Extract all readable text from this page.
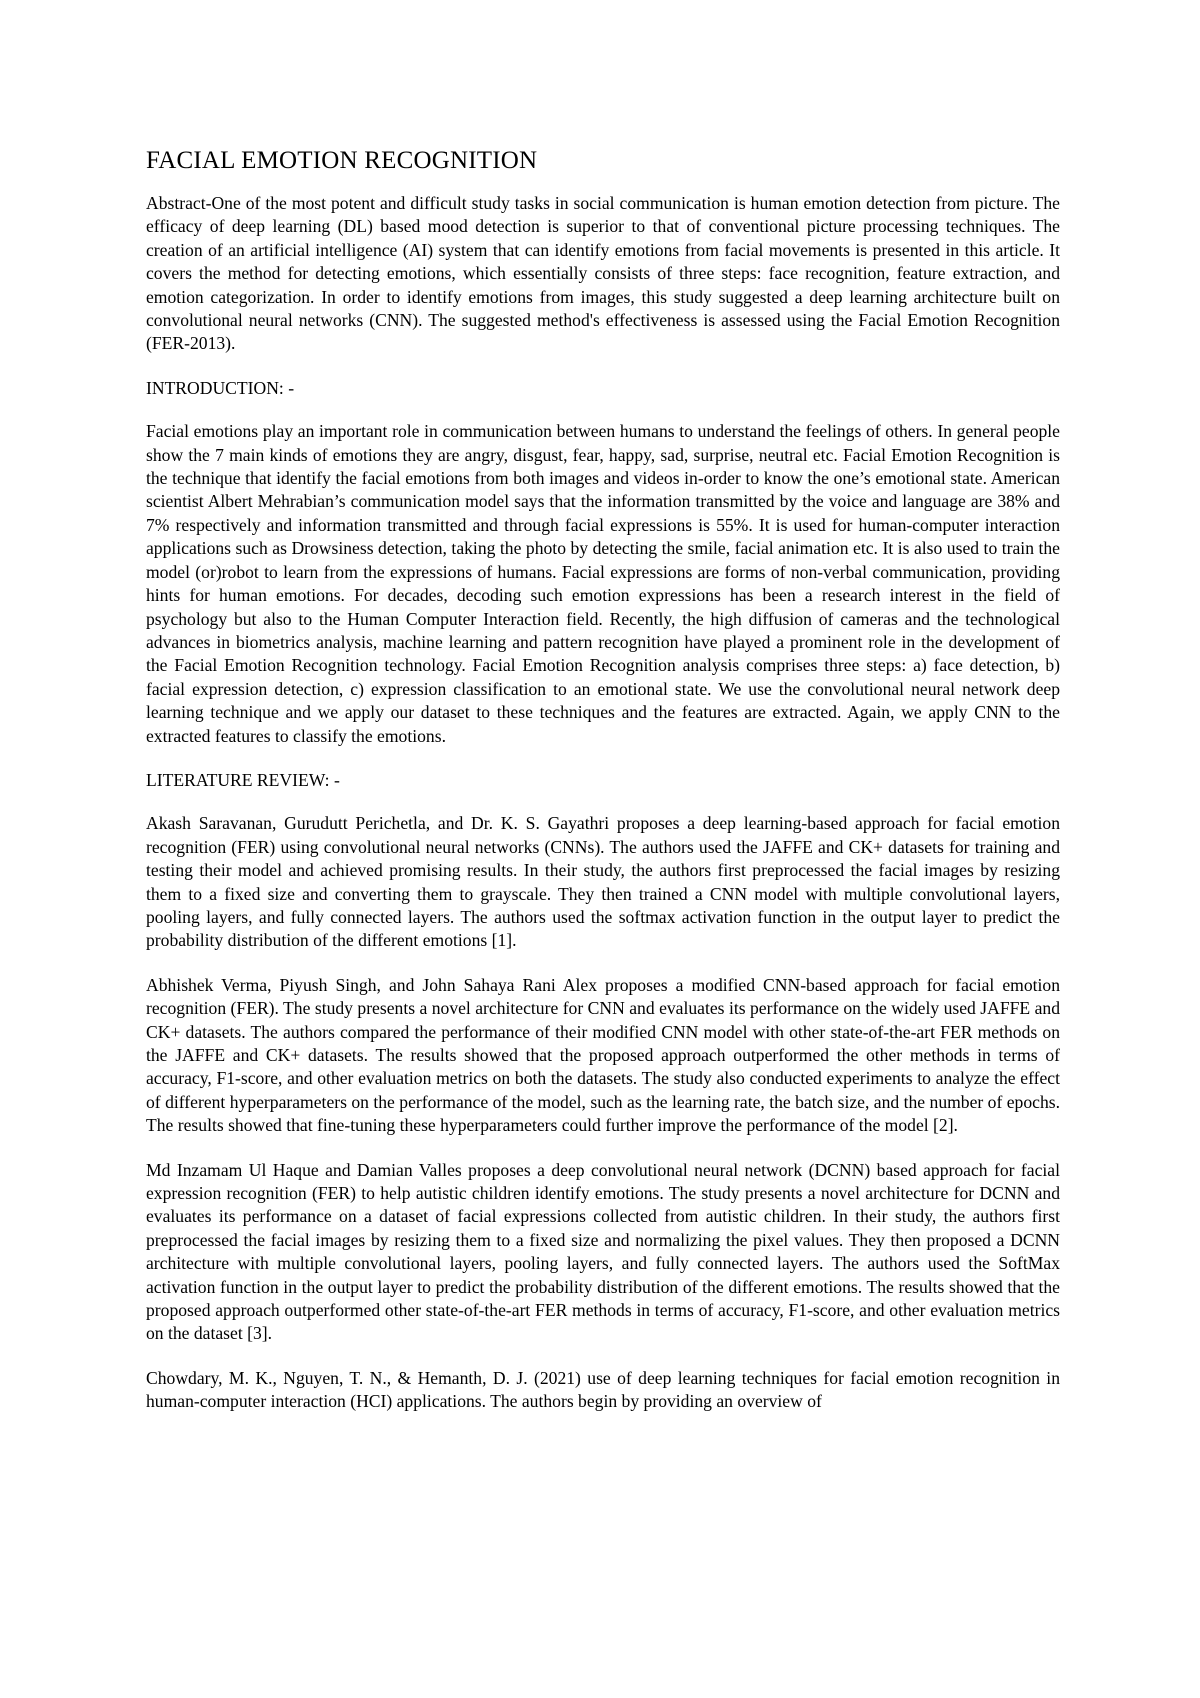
FACIAL EMOTION RECOGNITION

Abstract-One of the most potent and difficult study tasks in social communication is human emotion detection from picture. The efficacy of deep learning (DL) based mood detection is superior to that of conventional picture processing techniques. The creation of an artificial intelligence (AI) system that can identify emotions from facial movements is presented in this article. It covers the method for detecting emotions, which essentially consists of three steps: face recognition, feature extraction, and emotion categorization. In order to identify emotions from images, this study suggested a deep learning architecture built on convolutional neural networks (CNN). The suggested method's effectiveness is assessed using the Facial Emotion Recognition (FER-2013).

INTRODUCTION: -

Facial emotions play an important role in communication between humans to understand the feelings of others. In general people show the 7 main kinds of emotions they are angry, disgust, fear, happy, sad, surprise, neutral etc. Facial Emotion Recognition is the technique that identify the facial emotions from both images and videos in-order to know the one’s emotional state. American scientist Albert Mehrabian’s communication model says that the information transmitted by the voice and language are 38% and 7% respectively and information transmitted and through facial expressions is 55%. It is used for human-computer interaction applications such as Drowsiness detection, taking the photo by detecting the smile, facial animation etc. It is also used to train the model (or)robot to learn from the expressions of humans. Facial expressions are forms of non-verbal communication, providing hints for human emotions. For decades, decoding such emotion expressions has been a research interest in the field of psychology but also to the Human Computer Interaction field. Recently, the high diffusion of cameras and the technological advances in biometrics analysis, machine learning and pattern recognition have played a prominent role in the development of the Facial Emotion Recognition technology. Facial Emotion Recognition analysis comprises three steps: a) face detection, b) facial expression detection, c) expression classification to an emotional state. We use the convolutional neural network deep learning technique and we apply our dataset to these techniques and the features are extracted. Again, we apply CNN to the extracted features to classify the emotions.

LITERATURE REVIEW: -

Akash Saravanan, Gurudutt Perichetla, and Dr. K. S. Gayathri proposes a deep learning-based approach for facial emotion recognition (FER) using convolutional neural networks (CNNs). The authors used the JAFFE and CK+ datasets for training and testing their model and achieved promising results. In their study, the authors first preprocessed the facial images by resizing them to a fixed size and converting them to grayscale. They then trained a CNN model with multiple convolutional layers, pooling layers, and fully connected layers. The authors used the softmax activation function in the output layer to predict the probability distribution of the different emotions [1].

Abhishek Verma, Piyush Singh, and John Sahaya Rani Alex proposes a modified CNN-based approach for facial emotion recognition (FER). The study presents a novel architecture for CNN and evaluates its performance on the widely used JAFFE and CK+ datasets. The authors compared the performance of their modified CNN model with other state-of-the-art FER methods on the JAFFE and CK+ datasets. The results showed that the proposed approach outperformed the other methods in terms of accuracy, F1-score, and other evaluation metrics on both the datasets. The study also conducted experiments to analyze the effect of different hyperparameters on the performance of the model, such as the learning rate, the batch size, and the number of epochs. The results showed that fine-tuning these hyperparameters could further improve the performance of the model [2].

Md Inzamam Ul Haque and Damian Valles proposes a deep convolutional neural network (DCNN) based approach for facial expression recognition (FER) to help autistic children identify emotions. The study presents a novel architecture for DCNN and evaluates its performance on a dataset of facial expressions collected from autistic children. In their study, the authors first preprocessed the facial images by resizing them to a fixed size and normalizing the pixel values. They then proposed a DCNN architecture with multiple convolutional layers, pooling layers, and fully connected layers. The authors used the SoftMax activation function in the output layer to predict the probability distribution of the different emotions. The results showed that the proposed approach outperformed other state-of-the-art FER methods in terms of accuracy, F1-score, and other evaluation metrics on the dataset [3].

Chowdary, M. K., Nguyen, T. N., & Hemanth, D. J. (2021) use of deep learning techniques for facial emotion recognition in human-computer interaction (HCI) applications. The authors begin by providing an overview of
